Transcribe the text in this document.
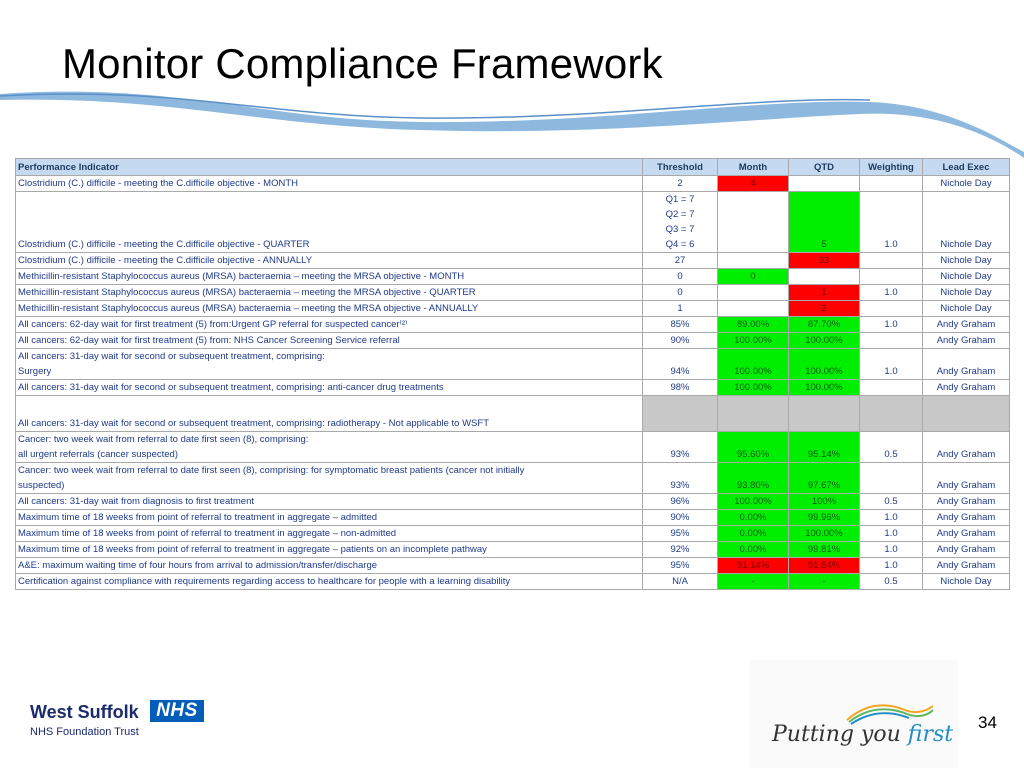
Monitor Compliance Framework
Performance Indicator	Threshold	Month	QTD	Weighting	Lead Exec
Clostridium (C.) difficile - meeting the C.difficile objective - MONTH	2	4			Nichole Day
Clostridium (C.) difficile - meeting the C.difficile objective - QUARTER	Q1 = 7
Q2 = 7
Q3 = 7
Q4 = 6		5	1.0	Nichole Day
Clostridium (C.) difficile - meeting the C.difficile objective - ANNUALLY	27		33		Nichole Day
Methicillin-resistant Staphylococcus aureus (MRSA) bacteraemia – meeting the MRSA objective - MONTH	0	0			Nichole Day
Methicillin-resistant Staphylococcus aureus (MRSA) bacteraemia – meeting the MRSA objective - QUARTER	0		1	1.0	Nichole Day
Methicillin-resistant Staphylococcus aureus (MRSA) bacteraemia – meeting the MRSA objective - ANNUALLY	1		2		Nichole Day
All cancers: 62-day wait for first treatment (5) from:Urgent GP referral for suspected cancer⁽²⁾	85%	89.00%	87.70%	1.0	Andy Graham
All cancers: 62-day wait for first treatment (5) from: NHS Cancer Screening Service referral	90%	100.00%	100.00%		Andy Graham

All cancers: 31-day wait for second or subsequent treatment, comprising:
Surgery	94%	100.00%	100.00%	1.0	Andy Graham
All cancers: 31-day wait for second or subsequent treatment, comprising: anti-cancer drug treatments	98%	100.00%	100.00%		Andy Graham
All cancers: 31-day wait for second or subsequent treatment, comprising: radiotherapy - Not applicable to WSFT					

Cancer: two week wait from referral to date first seen (8), comprising:
all urgent referrals (cancer suspected)	93%	95.60%	95.14%	0.5	Andy Graham

Cancer: two week wait from referral to date first seen (8), comprising: for symptomatic breast patients (cancer not initially
suspected)	93%	93.80%	97.67%		Andy Graham
All cancers: 31-day wait from diagnosis to first treatment	96%	100.00%	100%	0.5	Andy Graham
Maximum time of 18 weeks from point of referral to treatment in aggregate – admitted	90%	0.00%	99.96%	1.0	Andy Graham
Maximum time of 18 weeks from point of referral to treatment in aggregate – non-admitted	95%	0.00%	100.00%	1.0	Andy Graham
Maximum time of 18 weeks from point of referral to treatment in aggregate – patients on an incomplete pathway	92%	0.00%	99.81%	1.0	Andy Graham
A&E: maximum waiting time of four hours from arrival to admission/transfer/discharge	95%	91.14%	91.84%	1.0	Andy Graham
Certification against compliance with requirements regarding access to healthcare for people with a learning disability	N/A	-	-	0.5	Nichole Day
West Suffolk NHS
NHS Foundation Trust	Putting you first 34
